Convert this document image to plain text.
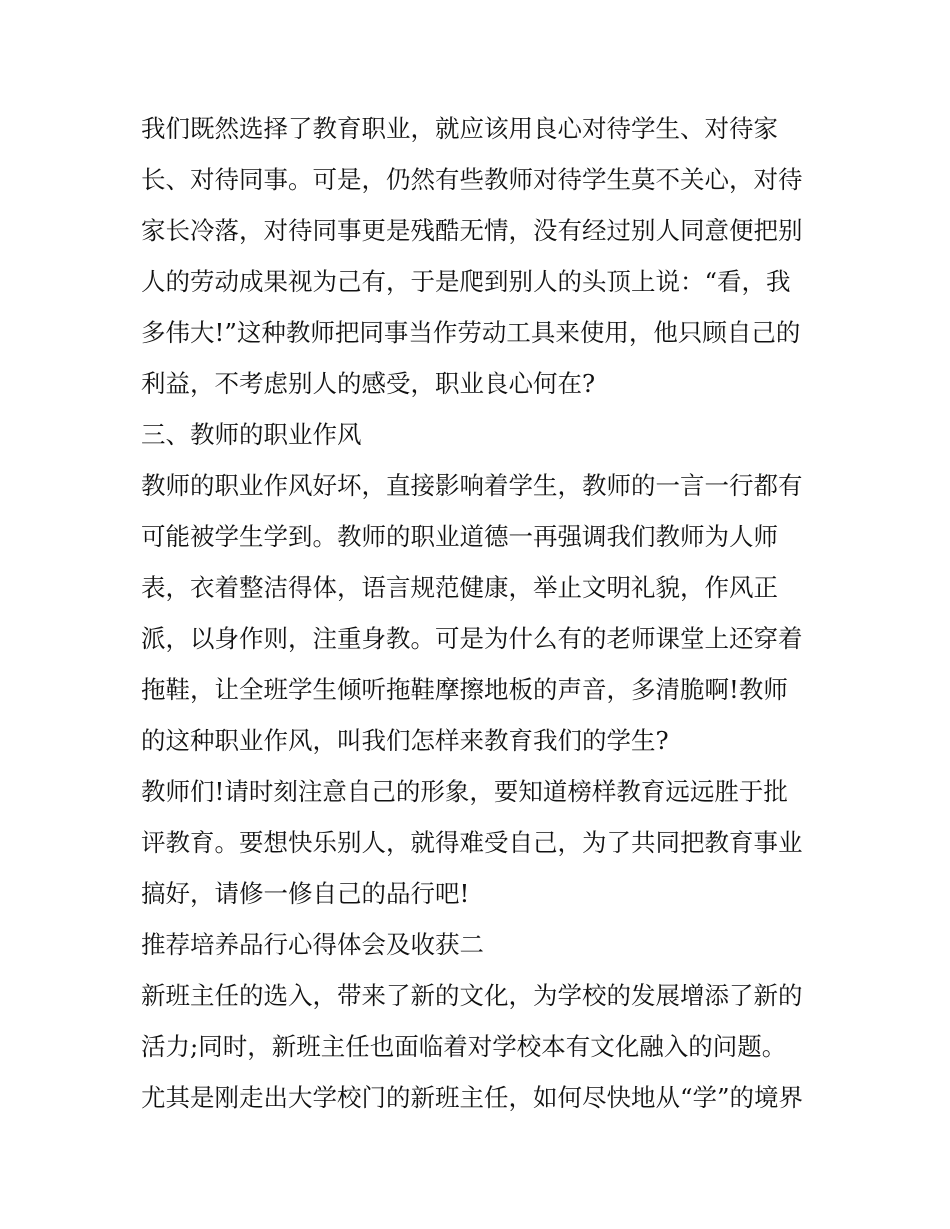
我们既然选择了教育职业，就应该用良心对待学生、对待家
长、对待同事。可是，仍然有些教师对待学生莫不关心，对待
家长冷落，对待同事更是残酷无情，没有经过别人同意便把别
人的劳动成果视为己有，于是爬到别人的头顶上说：“看，我
多伟大!”这种教师把同事当作劳动工具来使用，他只顾自己的
利益，不考虑别人的感受，职业良心何在?
三、教师的职业作风
教师的职业作风好坏，直接影响着学生，教师的一言一行都有
可能被学生学到。教师的职业道德一再强调我们教师为人师
表，衣着整洁得体，语言规范健康，举止文明礼貌，作风正
派，以身作则，注重身教。可是为什么有的老师课堂上还穿着
拖鞋，让全班学生倾听拖鞋摩擦地板的声音，多清脆啊!教师
的这种职业作风，叫我们怎样来教育我们的学生?
教师们!请时刻注意自己的形象，要知道榜样教育远远胜于批
评教育。要想快乐别人，就得难受自己，为了共同把教育事业
搞好，请修一修自己的品行吧!
推荐培养品行心得体会及收获二
新班主任的选入，带来了新的文化，为学校的发展增添了新的
活力;同时，新班主任也面临着对学校本有文化融入的问题。
尤其是刚走出大学校门的新班主任，如何尽快地从“学”的境界
